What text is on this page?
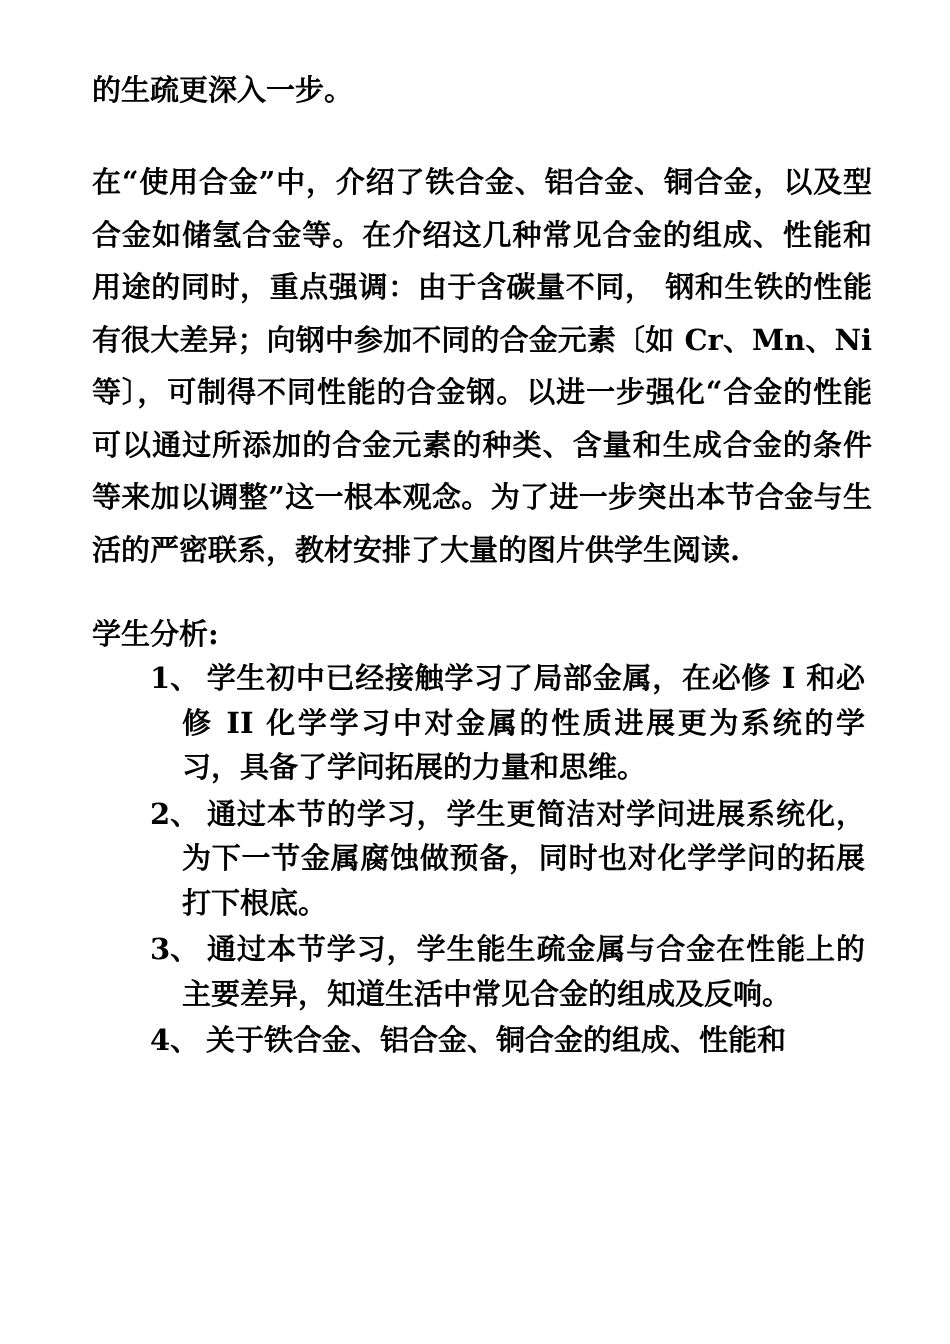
的生疏更深入一步。

在“使用合金”中，介绍了铁合金、铝合金、铜合金，以及型合金如储氢合金等。在介绍这几种常见合金的组成、性能和用途的同时，重点强调：由于含碳量不同， 钢和生铁的性能有很大差异；向钢中参加不同的合金元素〔如 Cr、Mn、Ni 等〕，可制得不同性能的合金钢。以进一步强化“合金的性能可以通过所添加的合金元素的种类、含量和生成合金的条件等来加以调整”这一根本观念。为了进一步突出本节合金与生活的严密联系，教材安排了大量的图片供学生阅读.

学生分析:

1、 学生初中已经接触学习了局部金属，在必修 I 和必修 II 化学学习中对金属的性质进展更为系统的学习，具备了学问拓展的力量和思维。
2、 通过本节的学习，学生更简洁对学问进展系统化，为下一节金属腐蚀做预备，同时也对化学学问的拓展打下根底。
3、 通过本节学习，学生能生疏金属与合金在性能上的主要差异，知道生活中常见合金的组成及反响。
4、 关于铁合金、铝合金、铜合金的组成、性能和
